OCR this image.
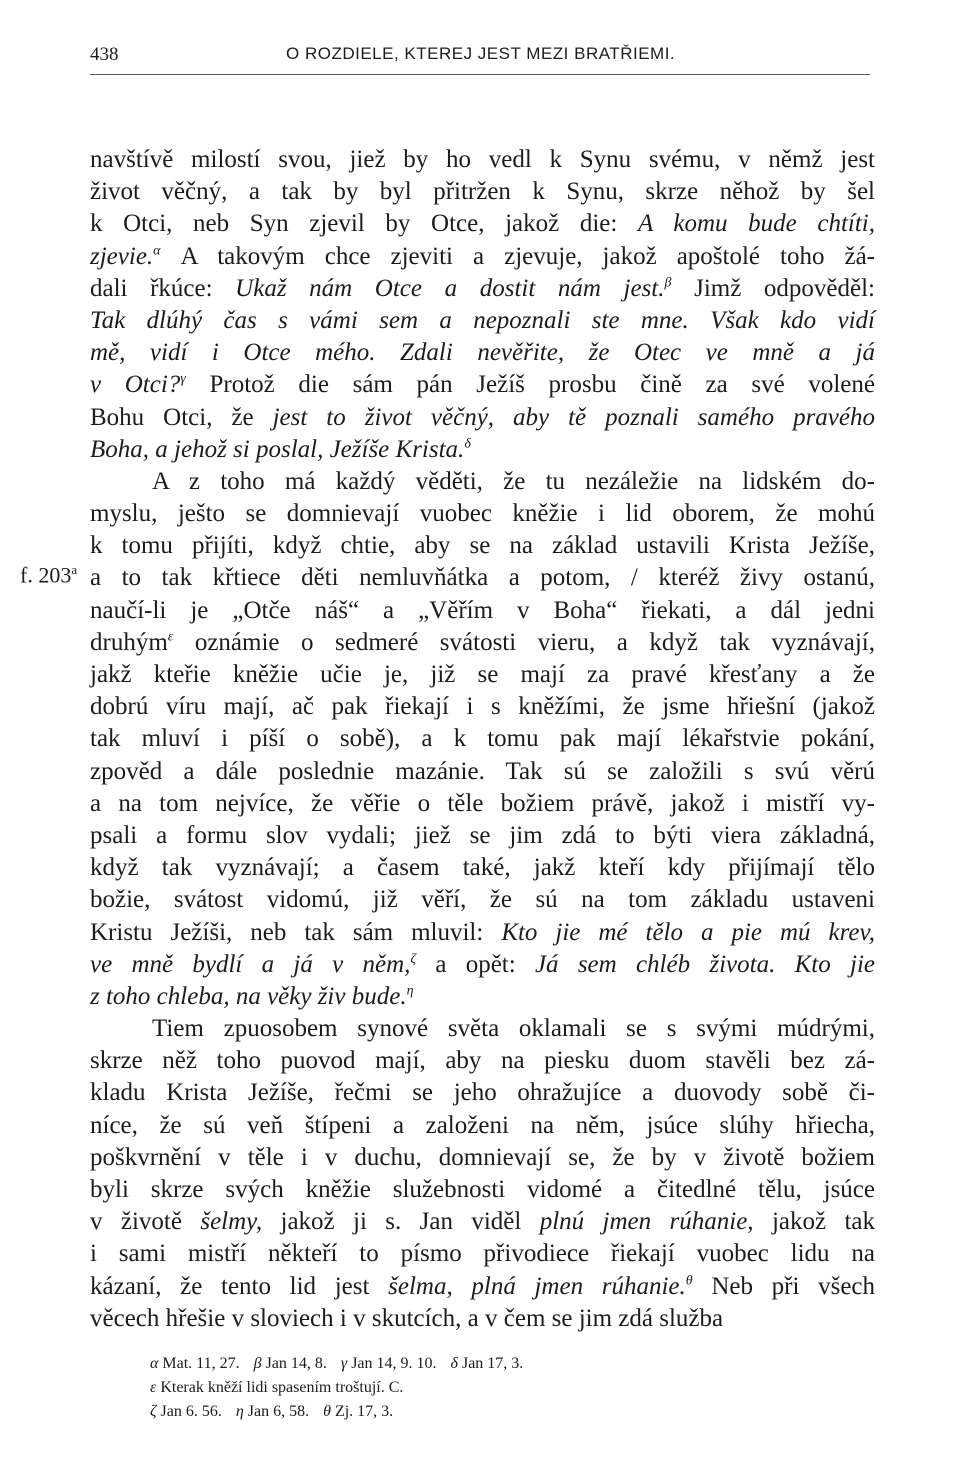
438	O ROZDIELE, KTEREJ JEST MEZI BRATŘIEMI.
f. 203$^a$
navštívě milostí svou, jiež by ho vedl k Synu svému, v němž jest
život věčný, a tak by byl přitržen k Synu, skrze něhož by šel
k Otci, neb Syn zjevil by Otce, jakož die: A komu bude chtíti,
zjevie.$^\alpha$ A takovým chce zjeviti a zjevuje, jakož apoštolé toho žá-
dali řkúce: Ukaž nám Otce a dostit nám jest.$^\beta$ Jimž odpověděl:
Tak dlúhý čas s vámi sem a nepoznali ste mne. Však kdo vidí
mě, vidí i Otce mého. Zdali nevěřite, že Otec ve mně a já
v Otci?$^\gamma$ Protož die sám pán Ježíš prosbu čině za své volené
Bohu Otci, že jest to život věčný, aby tě poznali samého pravého
Boha, a jehož si poslal, Ježíše Krista.$^\delta$
A z toho má každý věděti, že tu nezáležie na lidském do-
myslu, ješto se domnievají vuobec kněžie i lid oborem, že mohú
k tomu přijíti, když chtie, aby se na základ ustavili Krista Ježíše,
a to tak křtiece děti nemluvňátka a potom, / kteréž živy ostanú,
naučí-li je „Otče náš“ a „Věřím v Boha“ řiekati, a dál jedni
druhým$^\varepsilon$ oznámie o sedmeré svátosti vieru, a když tak vyznávají,
jakž kteřie kněžie učie je, již se mají za pravé křesťany a že
dobrú víru mají, ač pak řiekají i s kněžími, že jsme hřiešní (jakož
tak mluví i píší o sobě), a k tomu pak mají lékařstvie pokání,
zpověd a dále poslednie mazánie. Tak sú se založili s svú věrú
a na tom nejvíce, že věřie o těle božiem právě, jakož i mistří vy-
psali a formu slov vydali; jiež se jim zdá to býti viera základná,
když tak vyznávají; a časem také, jakž kteří kdy přijímají tělo
božie, svátost vidomú, již věří, že sú na tom základu ustaveni
Kristu Ježíši, neb tak sám mluvil: Kto jie mé tělo a pie mú krev,
ve mně bydlí a já v něm,$^\zeta$ a opět: Já sem chléb života. Kto jie
z toho chleba, na věky živ bude.$^\eta$
Tiem zpuosobem synové světa oklamali se s svými múdrými,
skrze něž toho puovod mají, aby na piesku duom stavěli bez zá-
kladu Krista Ježíše, řečmi se jeho ohražujíce a duovody sobě či-
níce, že sú veň štípeni a založeni na něm, jsúce slúhy hřiecha,
poškvrnění v těle i v duchu, domnievají se, že by v životě božiem
byli skrze svých kněžie služebnosti vidomé a čitedlné tělu, jsúce
v životě šelmy, jakož ji s. Jan viděl plnú jmen rúhanie, jakož tak
i sami mistří někteří to písmo přivodiece řiekají vuobec lidu na
kázaní, že tento lid jest šelma, plná jmen rúhanie.$^\theta$ Neb při všech
věcech hřešie v sloviech i v skutcích, a v čem se jim zdá služba
α Mat. 11, 27. β Jan 14, 8. γ Jan 14, 9. 10. δ Jan 17, 3.
ε Kterak kněží lidi spasením troštují. C.
ζ Jan 6. 56. η Jan 6, 58. θ Zj. 17, 3.
